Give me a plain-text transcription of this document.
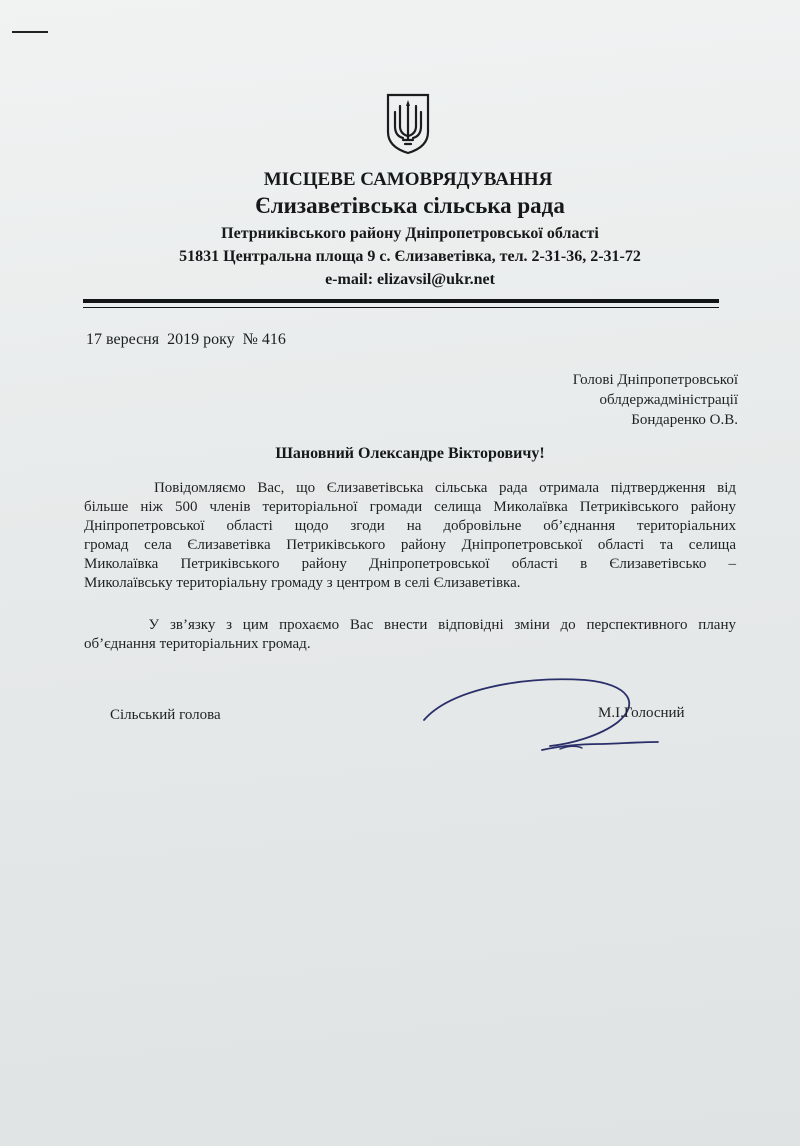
МІСЦЕВЕ САМОВРЯДУВАННЯ
Єлизаветівська сільська рада
Петрниківського району Дніпропетровської області
51831 Центральна площа 9 с. Єлизаветівка, тел. 2-31-36, 2-31-72
e-mail: elizavsil@ukr.net
17 вересня  2019 року  № 416
Голові Дніпропетровської
облдержадміністрації
Бондаренко О.В.
Шановний Олександре Вікторовичу!

Повідомляємо Вас, що Єлизаветівська сільська рада отримала підтвердження від
більше ніж 500 членів територіальної громади селища Миколаївка Петриківського району
Дніпропетровської області щодо згоди на добровільне об’єднання територіальних
громад села Єлизаветівка Петриківського району Дніпропетровської області та селища
Миколаївка Петриківського району Дніпропетровської області в Єлизаветівсько –
Миколаївську територіальну громаду з центром в селі Єлизаветівка.

У зв’язку з цим прохаємо Вас внести відповідні зміни до перспективного плану
об’єднання територіальних громад.

Сільський голова	М.І.Голосний
